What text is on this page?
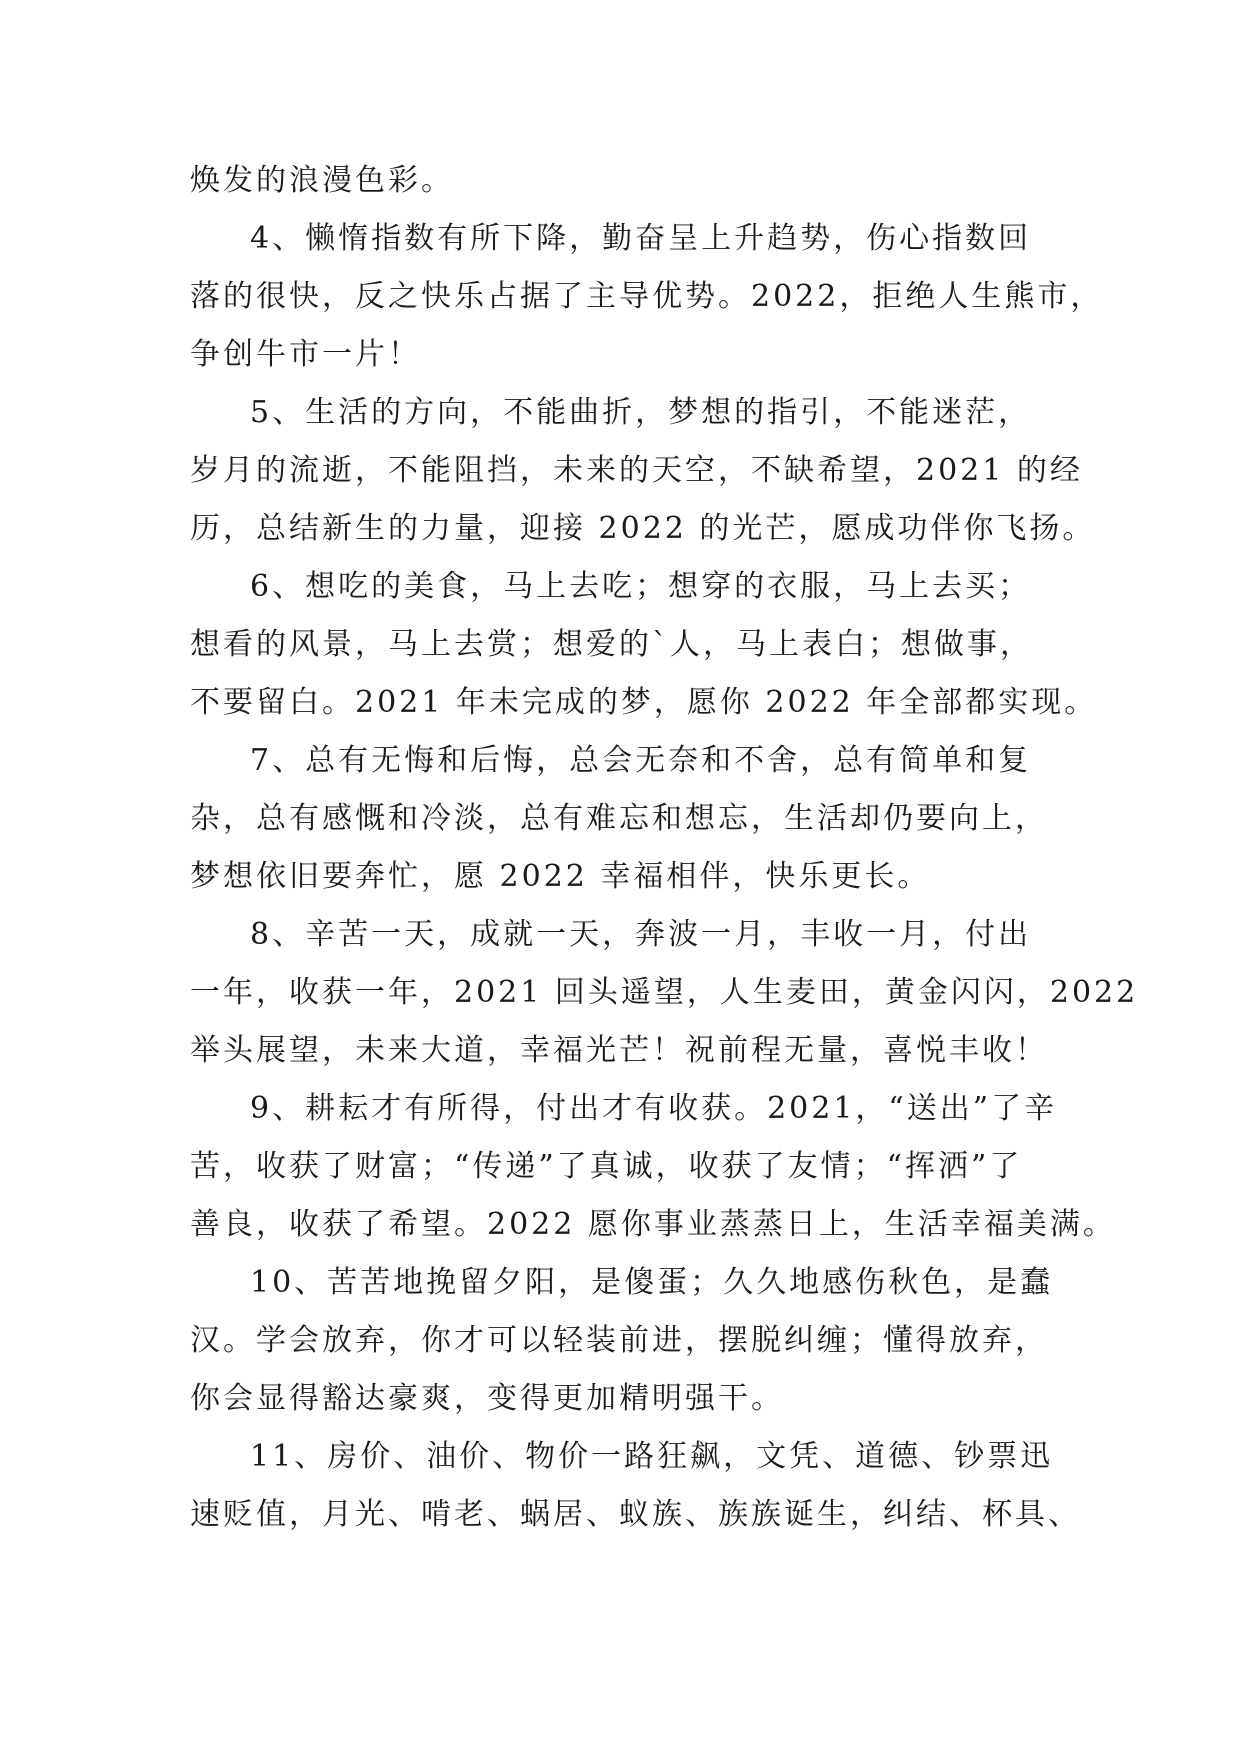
焕发的浪漫色彩。
4、懒惰指数有所下降，勤奋呈上升趋势，伤心指数回
落的很快，反之快乐占据了主导优势。2022，拒绝人生熊市，
争创牛市一片！
5、生活的方向，不能曲折，梦想的指引，不能迷茫，
岁月的流逝，不能阻挡，未来的天空，不缺希望，2021 的经
历，总结新生的力量，迎接 2022 的光芒，愿成功伴你飞扬。
6、想吃的美食，马上去吃；想穿的衣服，马上去买；
想看的风景，马上去赏；想爱的`人，马上表白；想做事，
不要留白。2021 年未完成的梦，愿你 2022 年全部都实现。
7、总有无悔和后悔，总会无奈和不舍，总有简单和复
杂，总有感慨和冷淡，总有难忘和想忘，生活却仍要向上，
梦想依旧要奔忙，愿 2022 幸福相伴，快乐更长。
8、辛苦一天，成就一天，奔波一月，丰收一月，付出
一年，收获一年，2021 回头遥望，人生麦田，黄金闪闪，2022
举头展望，未来大道，幸福光芒！祝前程无量，喜悦丰收！
9、耕耘才有所得，付出才有收获。2021，“送出”了辛
苦，收获了财富；“传递”了真诚，收获了友情；“挥洒”了
善良，收获了希望。2022 愿你事业蒸蒸日上，生活幸福美满。
10、苦苦地挽留夕阳，是傻蛋；久久地感伤秋色，是蠢
汉。学会放弃，你才可以轻装前进，摆脱纠缠；懂得放弃，
你会显得豁达豪爽，变得更加精明强干。
11、房价、油价、物价一路狂飙，文凭、道德、钞票迅
速贬值，月光、啃老、蜗居、蚁族、族族诞生，纠结、杯具、
